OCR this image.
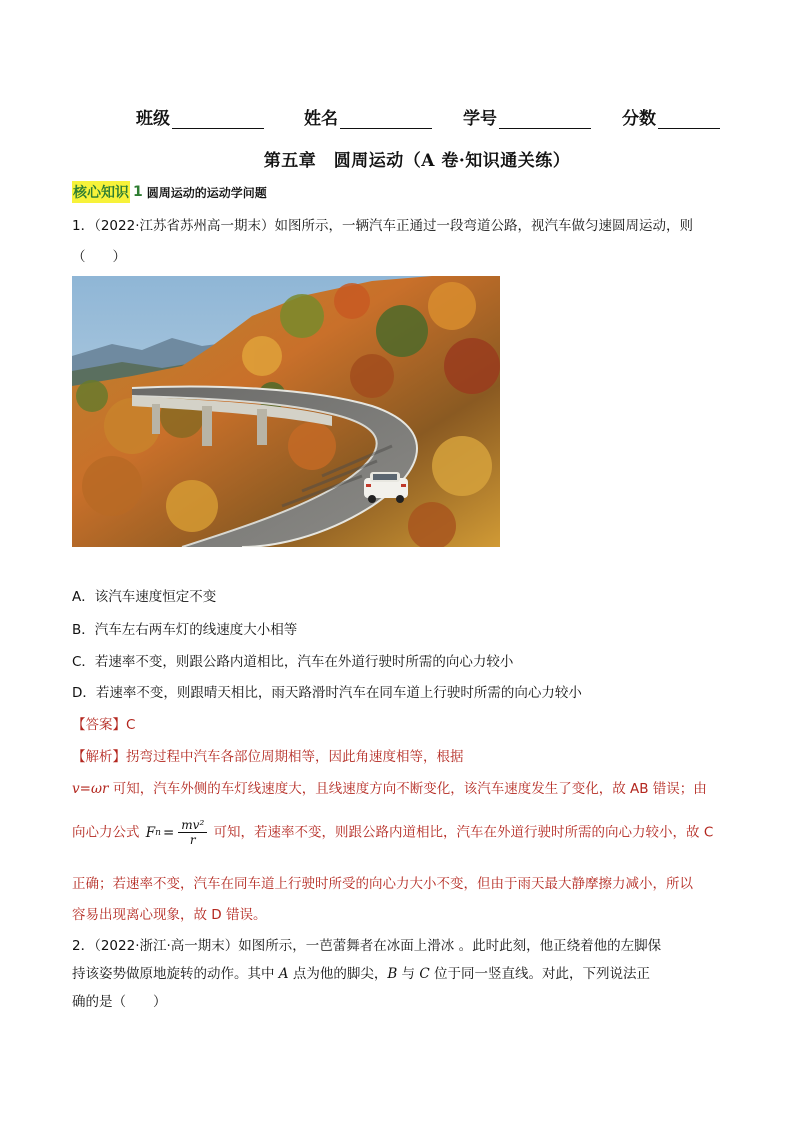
班级	姓名	学号	分数
第五章　圆周运动（A 卷·知识通关练）
核心知识 1 圆周运动的运动学问题
1．（2022·江苏省苏州高一期末）如图所示，一辆汽车正通过一段弯道公路，视汽车做匀速圆周运动，则
（　　）
A．该汽车速度恒定不变
B．汽车左右两车灯的线速度大小相等
C．若速率不变，则跟公路内道相比，汽车在外道行驶时所需的向心力较小
D．若速率不变，则跟晴天相比，雨天路滑时汽车在同车道上行驶时所需的向心力较小
【答案】C
【解析】拐弯过程中汽车各部位周期相等，因此角速度相等，根据
v=ωr 可知，汽车外侧的车灯线速度大，且线速度方向不断变化，该汽车速度发生了变化，故 AB 错误；由
向心力公式 F $n = \frac{\text{mv²}}{r}$ 可知，若速率不变，则跟公路内道相比，汽车在外道行驶时所需的向心力较小，故 C
正确；若速率不变，汽车在同车道上行驶时所受的向心力大小不变，但由于雨天最大静摩擦力减小，所以
容易出现离心现象，故 D 错误。
2．（2022·浙江·高一期末）如图所示，一芭蕾舞者在冰面上滑冰 。此时此刻，他正绕着他的左脚保
持该姿势做原地旋转的动作。其中 A 点为他的脚尖，B 与 C 位于同一竖直线。对此，下列说法正
确的是（　　）
